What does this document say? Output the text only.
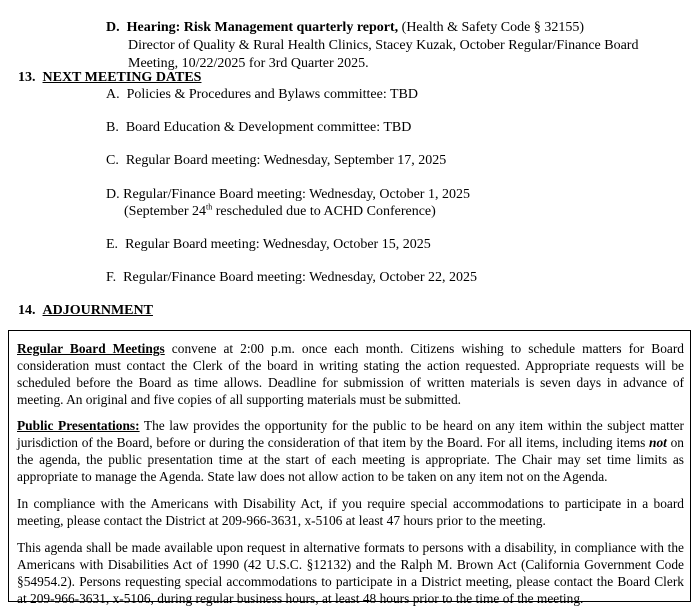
D. Hearing: Risk Management quarterly report, (Health & Safety Code § 32155)
Director of Quality & Rural Health Clinics, Stacey Kuzak, October Regular/Finance Board
Meeting, 10/22/2025 for 3rd Quarter 2025.
13. NEXT MEETING DATES
A. Policies & Procedures and Bylaws committee: TBD
B. Board Education & Development committee: TBD
C. Regular Board meeting: Wednesday, September 17, 2025
D. Regular/Finance Board meeting: Wednesday, October 1, 2025
(September 24th rescheduled due to ACHD Conference)
E. Regular Board meeting: Wednesday, October 15, 2025
F. Regular/Finance Board meeting: Wednesday, October 22, 2025
14. ADJOURNMENT
Regular Board Meetings convene at 2:00 p.m. once each month. Citizens wishing to schedule matters for Board consideration must contact the Clerk of the board in writing stating the action requested. Appropriate requests will be scheduled before the Board as time allows. Deadline for submission of written materials is seven days in advance of meeting. An original and five copies of all supporting materials must be submitted.
Public Presentations: The law provides the opportunity for the public to be heard on any item within the subject matter jurisdiction of the Board, before or during the consideration of that item by the Board. For all items, including items not on the agenda, the public presentation time at the start of each meeting is appropriate. The Chair may set time limits as appropriate to manage the Agenda. State law does not allow action to be taken on any item not on the Agenda.
In compliance with the Americans with Disability Act, if you require special accommodations to participate in a board meeting, please contact the District at 209-966-3631, x-5106 at least 47 hours prior to the meeting.
This agenda shall be made available upon request in alternative formats to persons with a disability, in compliance with the Americans with Disabilities Act of 1990 (42 U.S.C. §12132) and the Ralph M. Brown Act (California Government Code §54954.2). Persons requesting special accommodations to participate in a District meeting, please contact the Board Clerk at 209-966-3631, x-5106, during regular business hours, at least 48 hours prior to the time of the meeting.
